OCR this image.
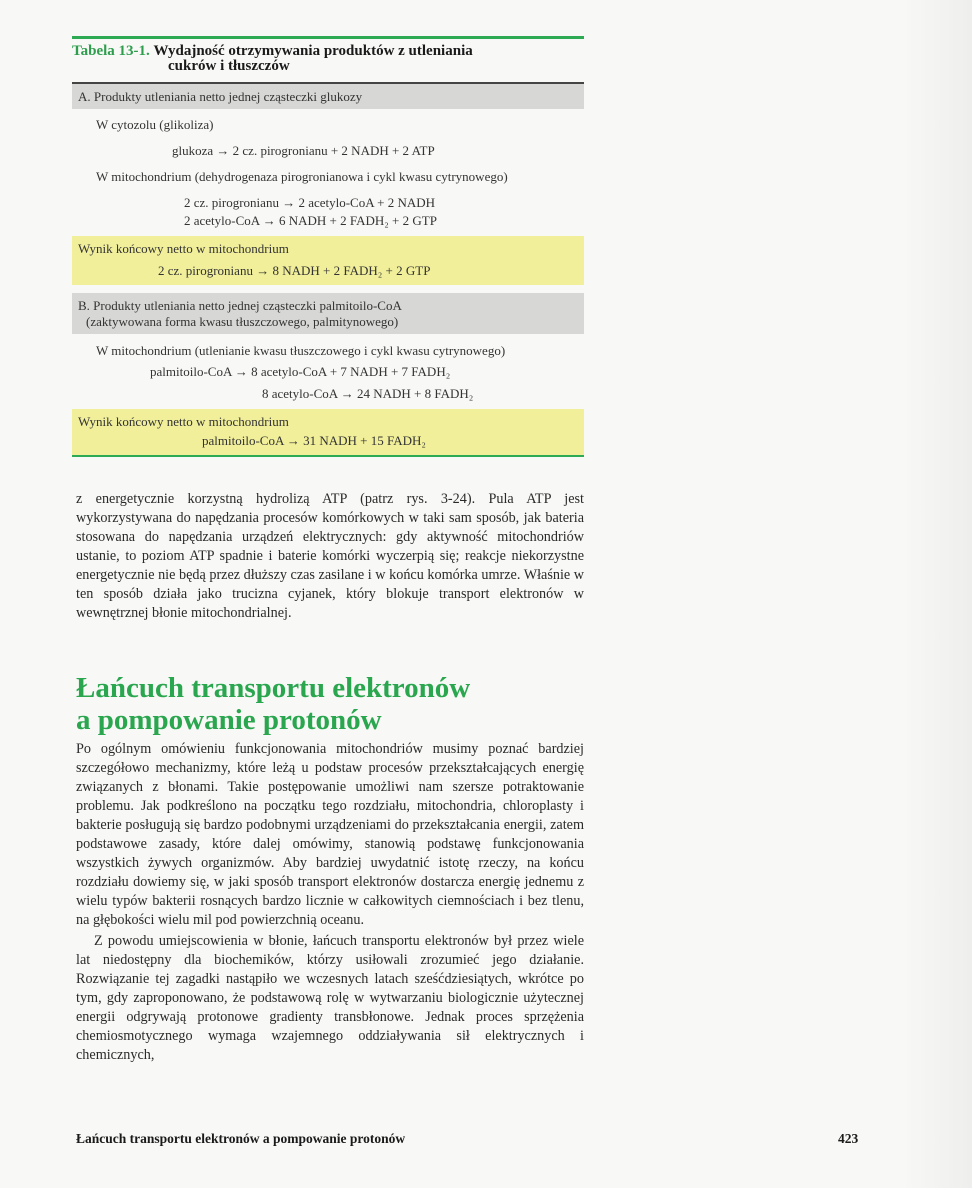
Tabela 13-1. Wydajność otrzymywania produktów z utleniania
cukrów i tłuszczów
A. Produkty utleniania netto jednej cząsteczki glukozy
W cytozolu (glikoliza)
glukoza → 2 cz. pirogronianu + 2 NADH + 2 ATP
W mitochondrium (dehydrogenaza pirogronianowa i cykl kwasu cytrynowego)
2 cz. pirogronianu → 2 acetylo-CoA + 2 NADH
2 acetylo-CoA → 6 NADH + 2 FADH₂ + 2 GTP
Wynik końcowy netto w mitochondrium
2 cz. pirogronianu → 8 NADH + 2 FADH₂ + 2 GTP
B. Produkty utleniania netto jednej cząsteczki palmitoilo-CoA
(zaktywowana forma kwasu tłuszczowego, palmitynowego)
W mitochondrium (utlenianie kwasu tłuszczowego i cykl kwasu cytrynowego)
palmitoilo-CoA → 8 acetylo-CoA + 7 NADH + 7 FADH₂
8 acetylo-CoA → 24 NADH + 8 FADH₂
Wynik końcowy netto w mitochondrium
palmitoilo-CoA → 31 NADH + 15 FADH₂

z energetycznie korzystną hydrolizą ATP (patrz rys. 3-24). Pula ATP jest wykorzystywana do napędzania procesów komórkowych w taki sam sposób, jak bateria stosowana do napędzania urządzeń elektrycznych: gdy aktywność mitochondriów ustanie, to poziom ATP spadnie i baterie komórki wyczerpią się; reakcje niekorzystne energetycznie nie będą przez dłuższy czas zasilane i w końcu komórka umrze. Właśnie w ten sposób działa jako trucizna cyjanek, który blokuje transport elektronów w wewnętrznej błonie mitochondrialnej.

Łańcuch transportu elektronów
a pompowanie protonów

Po ogólnym omówieniu funkcjonowania mitochondriów musimy poznać bardziej szczegółowo mechanizmy, które leżą u podstaw procesów przekształcających energię związanych z błonami. Takie postępowanie umożliwi nam szersze potraktowanie problemu. Jak podkreślono na początku tego rozdziału, mitochondria, chloroplasty i bakterie posługują się bardzo podobnymi urządzeniami do przekształcania energii, zatem podstawowe zasady, które dalej omówimy, stanowią podstawę funkcjonowania wszystkich żywych organizmów. Aby bardziej uwydatnić istotę rzeczy, na końcu rozdziału dowiemy się, w jaki sposób transport elektronów dostarcza energię jednemu z wielu typów bakterii rosnących bardzo licznie w całkowitych ciemnościach i bez tlenu, na głębokości wielu mil pod powierzchnią oceanu.

Z powodu umiejscowienia w błonie, łańcuch transportu elektronów był przez wiele lat niedostępny dla biochemików, którzy usiłowali zrozumieć jego działanie. Rozwiązanie tej zagadki nastąpiło we wczesnych latach sześćdziesiątych, wkrótce po tym, gdy zaproponowano, że podstawową rolę w wytwarzaniu biologicznie użytecznej energii odgrywają protonowe gradienty transbłonowe. Jednak proces sprzężenia chemiosmotycznego wymaga wzajemnego oddziaływania sił elektrycznych i chemicznych,

Łańcuch transportu elektronów a pompowanie protonów	423
